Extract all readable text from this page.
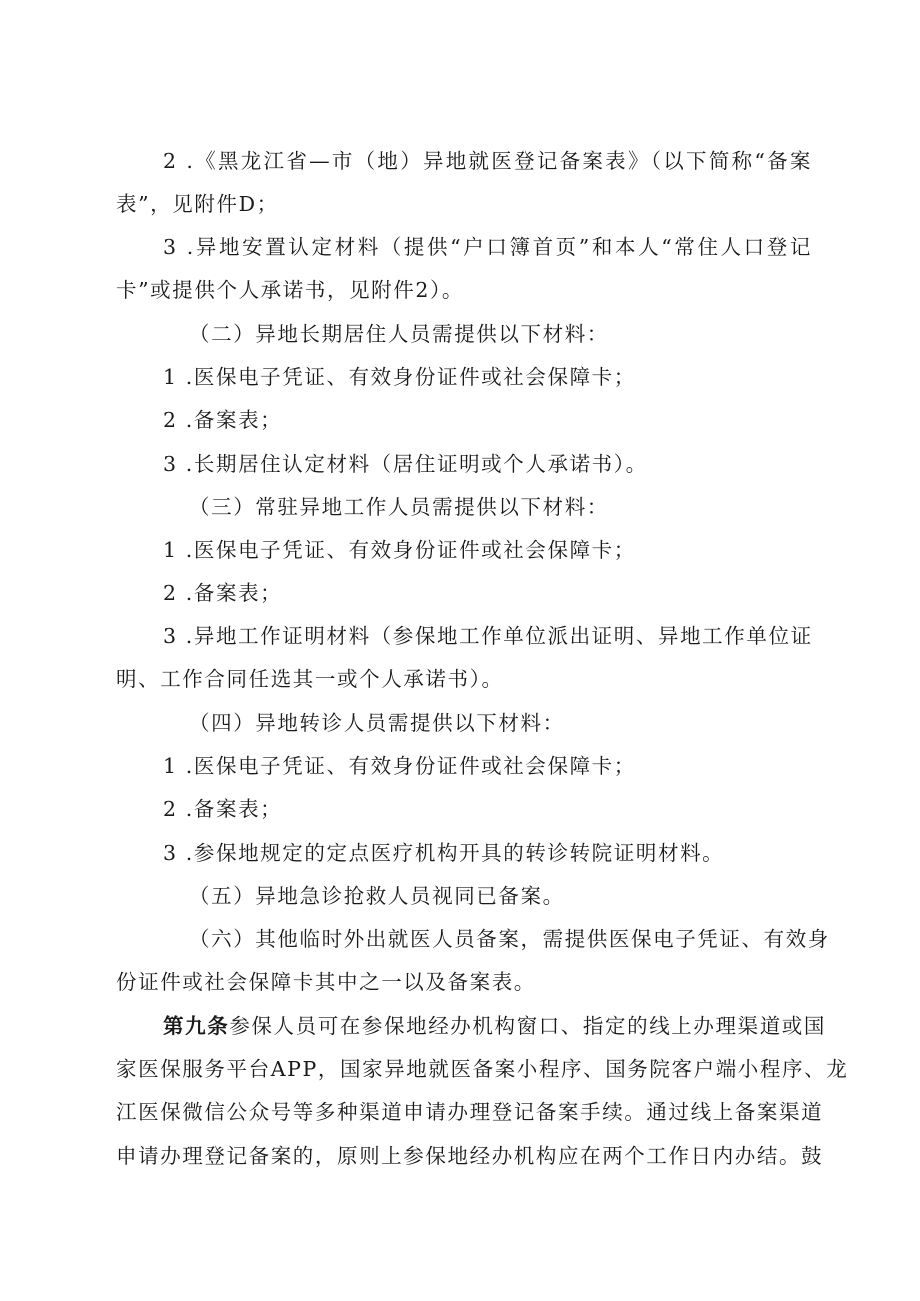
2 .《黑龙江省—市（地）异地就医登记备案表》（以下简称“备案
表”，见附件D；
3 .异地安置认定材料（提供“户口簿首页”和本人“常住人口登记
卡”或提供个人承诺书，见附件2）。
（二）异地长期居住人员需提供以下材料：
1 .医保电子凭证、有效身份证件或社会保障卡；
2 .备案表；
3 .长期居住认定材料（居住证明或个人承诺书）。
（三）常驻异地工作人员需提供以下材料：
1 .医保电子凭证、有效身份证件或社会保障卡；
2 .备案表；
3 .异地工作证明材料（参保地工作单位派出证明、异地工作单位证
明、工作合同任选其一或个人承诺书）。
（四）异地转诊人员需提供以下材料：
1 .医保电子凭证、有效身份证件或社会保障卡；
2 .备案表；
3 .参保地规定的定点医疗机构开具的转诊转院证明材料。
（五）异地急诊抢救人员视同已备案。
（六）其他临时外出就医人员备案，需提供医保电子凭证、有效身
份证件或社会保障卡其中之一以及备案表。
第九条参保人员可在参保地经办机构窗口、指定的线上办理渠道或国
家医保服务平台APP，国家异地就医备案小程序、国务院客户端小程序、龙
江医保微信公众号等多种渠道申请办理登记备案手续。通过线上备案渠道
申请办理登记备案的，原则上参保地经办机构应在两个工作日内办结。鼓
